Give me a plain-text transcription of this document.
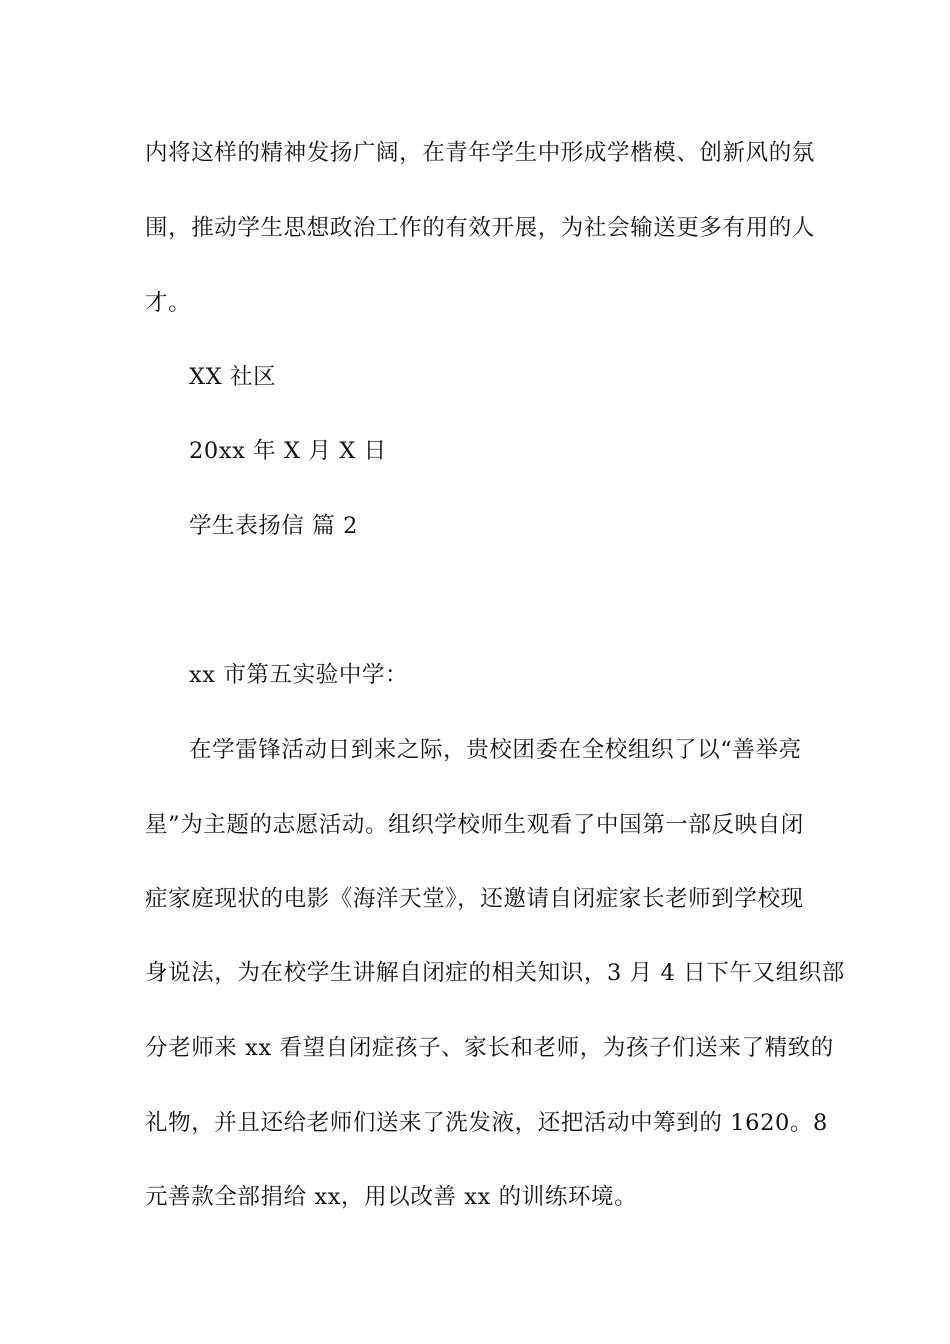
内将这样的精神发扬广阔，在青年学生中形成学楷模、创新风的氛
围，推动学生思想政治工作的有效开展，为社会输送更多有用的人
才。
XX 社区
20xx 年 X 月 X 日
学生表扬信 篇 2
xx 市第五实验中学：
在学雷锋活动日到来之际，贵校团委在全校组织了以“善举亮
星”为主题的志愿活动。组织学校师生观看了中国第一部反映自闭
症家庭现状的电影《海洋天堂》，还邀请自闭症家长老师到学校现
身说法，为在校学生讲解自闭症的相关知识，3 月 4 日下午又组织部
分老师来 xx 看望自闭症孩子、家长和老师，为孩子们送来了精致的
礼物，并且还给老师们送来了洗发液，还把活动中筹到的 1620。8
元善款全部捐给 xx，用以改善 xx 的训练环境。
